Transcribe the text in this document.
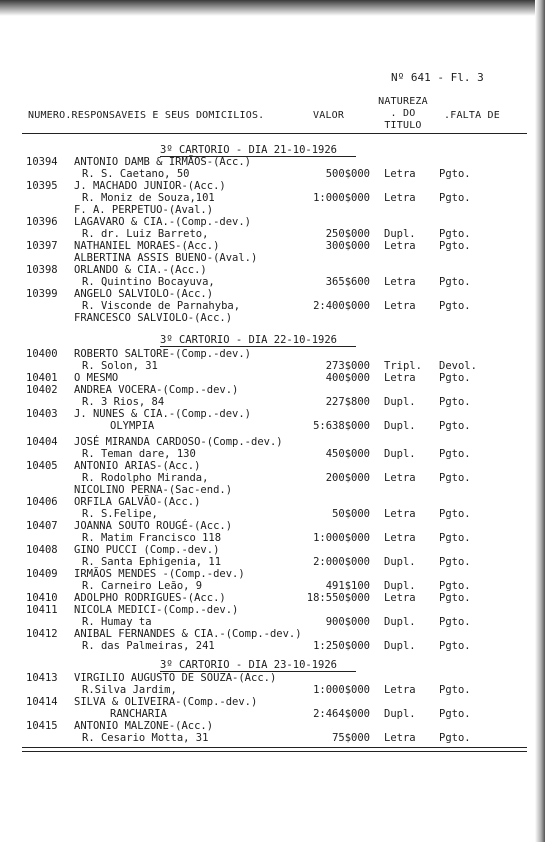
Nº 641 - Fl. 3
NUMERO.RESPONSAVEIS E SEUS DOMICILIOS.	VALOR
NATUREZA . DO TITULO
.FALTA DE
3º CARTORIO - DIA 21-10-1926
3º CARTORIO - DIA 22-10-1926
3º CARTORIO - DIA 23-10-1926
10394 ANTONIO DAMB & IRMÃOS-(Acc.)
R. S. Caetano, 50	500$000 Letra Pgto.
10395 J. MACHADO JUNIOR-(Acc.)
R. Moniz de Souza,101	1:000$000 Letra Pgto.
F. A. PERPETUO-(Aval.)
10396 LAGAVARO & CIA.-(Comp.-dev.)
R. dr. Luiz Barreto,	250$000 Dupl. Pgto.
10397 NATHANIEL MORAES-(Acc.)	300$000 Letra Pgto.
ALBERTINA ASSIS BUENO-(Aval.)
10398 ORLANDO & CIA.-(Acc.)
R. Quintino Bocayuva,	365$600 Letra Pgto.
10399 ANGELO SALVIOLO-(Acc.)
R. Visconde de Parnahyba,	2:400$000 Letra Pgto.
FRANCESCO SALVIOLO-(Acc.)
10400 ROBERTO SALTORE-(Comp.-dev.)
R. Solon, 31	273$000 Tripl. Devol.
10401 O MESMO	400$000 Letra Pgto.
10402 ANDREA VOCERA-(Comp.-dev.)
R. 3 Rios, 84	227$800 Dupl. Pgto.
10403 J. NUNES & CIA.-(Comp.-dev.)
OLYMPIA	5:638$000 Dupl. Pgto.
10404 JOSÉ MIRANDA CARDOSO-(Comp.-dev.)
R. Teman dare, 130	450$000 Dupl. Pgto.
10405 ANTONIO ARIAS-(Acc.)
R. Rodolpho Miranda,	200$000 Letra Pgto.
NICOLINO PERNA-(Sac-end.)
10406 ORFILA GALVÃO-(Acc.)
R. S.Felipe,	50$000 Letra Pgto.
10407 JOANNA SOUTO ROUGÉ-(Acc.)
R. Matim Francisco 118	1:000$000 Letra Pgto.
10408 GINO PUCCI (Comp.-dev.)
R. Santa Ephigenia, 11	2:000$000 Dupl. Pgto.
10409 IRMÃOS MENDES -(Comp.-dev.)
R. Carneiro Leão, 9	491$100 Dupl. Pgto.
10410 ADOLPHO RODRIGUES-(Acc.)	18:550$000 Letra Pgto.
10411 NICOLA MEDICI-(Comp.-dev.)
R. Humay ta	900$000 Dupl. Pgto.
10412 ANIBAL FERNANDES & CIA.-(Comp.-dev.)
R. das Palmeiras, 241	1:250$000 Dupl. Pgto.
10413 VIRGILIO AUGUSTO DE SOUZA-(Acc.)
R.Silva Jardim,	1:000$000 Letra Pgto.
10414 SILVA & OLIVEIRA-(Comp.-dev.)
RANCHARIA	2:464$000 Dupl. Pgto.
10415 ANTONIO MALZONE-(Acc.)
R. Cesario Motta, 31	75$000 Letra Pgto.
